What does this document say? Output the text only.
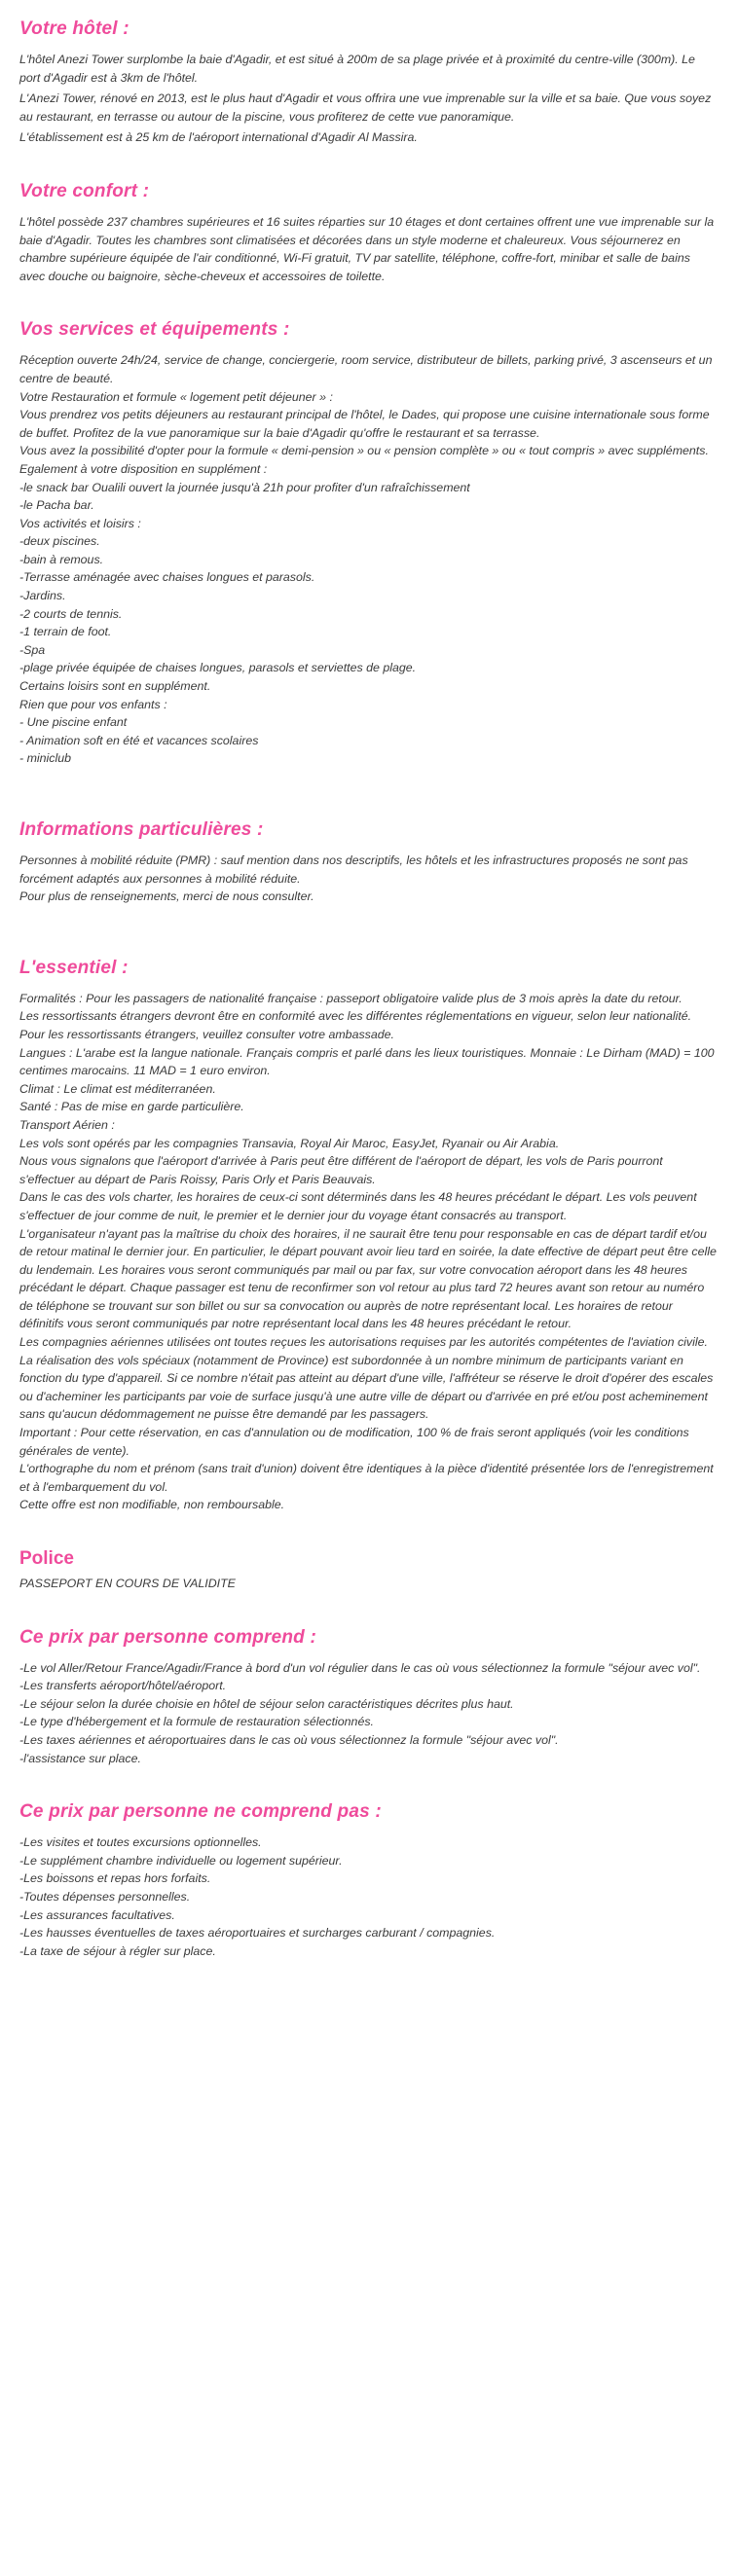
Votre hôtel :

L'hôtel Anezi Tower surplombe la baie d'Agadir, et est situé à 200m de sa plage privée et à proximité du centre-ville (300m). Le port d'Agadir est à 3km de l'hôtel.

L'Anezi Tower, rénové en 2013, est le plus haut d'Agadir et vous offrira une vue imprenable sur la ville et sa baie. Que vous soyez au restaurant, en terrasse ou autour de la piscine, vous profiterez de cette vue panoramique.

L'établissement est à 25 km de l'aéroport international d'Agadir Al Massira.

Votre confort :

L'hôtel possède 237 chambres supérieures et 16 suites réparties sur 10 étages et dont certaines offrent une vue imprenable sur la baie d'Agadir. Toutes les chambres sont climatisées et décorées dans un style moderne et chaleureux. Vous séjournerez en chambre supérieure équipée de l'air conditionné, Wi-Fi gratuit, TV par satellite, téléphone, coffre-fort, minibar et salle de bains avec douche ou baignoire, sèche-cheveux et accessoires de toilette.

Vos services et équipements :

Réception ouverte 24h/24, service de change, conciergerie, room service, distributeur de billets, parking privé, 3 ascenseurs et un centre de beauté.

Votre Restauration et formule « logement petit déjeuner » :

Vous prendrez vos petits déjeuners au restaurant principal de l'hôtel, le Dades, qui propose une cuisine internationale sous forme de buffet. Profitez de la vue panoramique sur la baie d'Agadir qu'offre le restaurant et sa terrasse.

Vous avez la possibilité d'opter pour la formule « demi-pension » ou « pension complète » ou « tout compris » avec suppléments.

Egalement à votre disposition en supplément :

-le snack bar Oualili ouvert la journée jusqu'à 21h pour profiter d'un rafraîchissement

-le Pacha bar.

Vos activités et loisirs :

-deux piscines.

-bain à remous.

-Terrasse aménagée avec chaises longues et parasols.

-Jardins.

-2 courts de tennis.

-1 terrain de foot.

-Spa

-plage privée équipée de chaises longues, parasols et serviettes de plage.

Certains loisirs sont en supplément.

Rien que pour vos enfants :

- Une piscine enfant

- Animation soft en été et vacances scolaires

- miniclub

Informations particulières :

Personnes à mobilité réduite (PMR) : sauf mention dans nos descriptifs, les hôtels et les infrastructures proposés ne sont pas forcément adaptés aux personnes à mobilité réduite.

Pour plus de renseignements, merci de nous consulter.

L'essentiel :

Formalités : Pour les passagers de nationalité française : passeport obligatoire valide plus de 3 mois après la date du retour.

Les ressortissants étrangers devront être en conformité avec les différentes réglementations en vigueur, selon leur nationalité.

Pour les ressortissants étrangers, veuillez consulter votre ambassade.

Langues : L'arabe est la langue nationale. Français compris et parlé dans les lieux touristiques. Monnaie : Le Dirham (MAD) = 100 centimes marocains. 11 MAD = 1 euro environ.

Climat : Le climat est méditerranéen.

Santé : Pas de mise en garde particulière.

Transport Aérien :

Les vols sont opérés par les compagnies Transavia, Royal Air Maroc, EasyJet, Ryanair ou Air Arabia.

Nous vous signalons que l'aéroport d'arrivée à Paris peut être différent de l'aéroport de départ, les vols de Paris pourront s'effectuer au départ de Paris Roissy, Paris Orly et Paris Beauvais.

Dans le cas des vols charter, les horaires de ceux-ci sont déterminés dans les 48 heures précédant le départ. Les vols peuvent s'effectuer de jour comme de nuit, le premier et le dernier jour du voyage étant consacrés au transport.

L'organisateur n'ayant pas la maîtrise du choix des horaires, il ne saurait être tenu pour responsable en cas de départ tardif et/ou de retour matinal le dernier jour. En particulier, le départ pouvant avoir lieu tard en soirée, la date effective de départ peut être celle du lendemain. Les horaires vous seront communiqués par mail ou par fax, sur votre convocation aéroport dans les 48 heures précédant le départ. Chaque passager est tenu de reconfirmer son vol retour au plus tard 72 heures avant son retour au numéro de téléphone se trouvant sur son billet ou sur sa convocation ou auprès de notre représentant local. Les horaires de retour définitifs vous seront communiqués par notre représentant local dans les 48 heures précédant le retour.

Les compagnies aériennes utilisées ont toutes reçues les autorisations requises par les autorités compétentes de l'aviation civile.

La réalisation des vols spéciaux (notamment de Province) est subordonnée à un nombre minimum de participants variant en fonction du type d'appareil. Si ce nombre n'était pas atteint au départ d'une ville, l'affréteur se réserve le droit d'opérer des escales ou d'acheminer les participants par voie de surface jusqu'à une autre ville de départ ou d'arrivée en pré et/ou post acheminement sans qu'aucun dédommagement ne puisse être demandé par les passagers.

Important : Pour cette réservation, en cas d'annulation ou de modification, 100 % de frais seront appliqués (voir les conditions générales de vente).

L'orthographe du nom et prénom (sans trait d'union) doivent être identiques à la pièce d'identité présentée lors de l'enregistrement et à l'embarquement du vol.

Cette offre est non modifiable, non remboursable.

Police

PASSEPORT EN COURS DE VALIDITE

Ce prix par personne comprend :

-Le vol Aller/Retour France/Agadir/France à bord d'un vol régulier dans le cas où vous sélectionnez la formule "séjour avec vol".

-Les transferts aéroport/hôtel/aéroport.

-Le séjour selon la durée choisie en hôtel de séjour selon caractéristiques décrites plus haut.

-Le type d'hébergement et la formule de restauration sélectionnés.

-Les taxes aériennes et aéroportuaires dans le cas où vous sélectionnez la formule "séjour avec vol".

-l'assistance sur place.

Ce prix par personne ne comprend pas :

-Les visites et toutes excursions optionnelles.

-Le supplément chambre individuelle ou logement supérieur.

-Les boissons et repas hors forfaits.

-Toutes dépenses personnelles.

-Les assurances facultatives.

-Les hausses éventuelles de taxes aéroportuaires et surcharges carburant / compagnies.

-La taxe de séjour à régler sur place.
